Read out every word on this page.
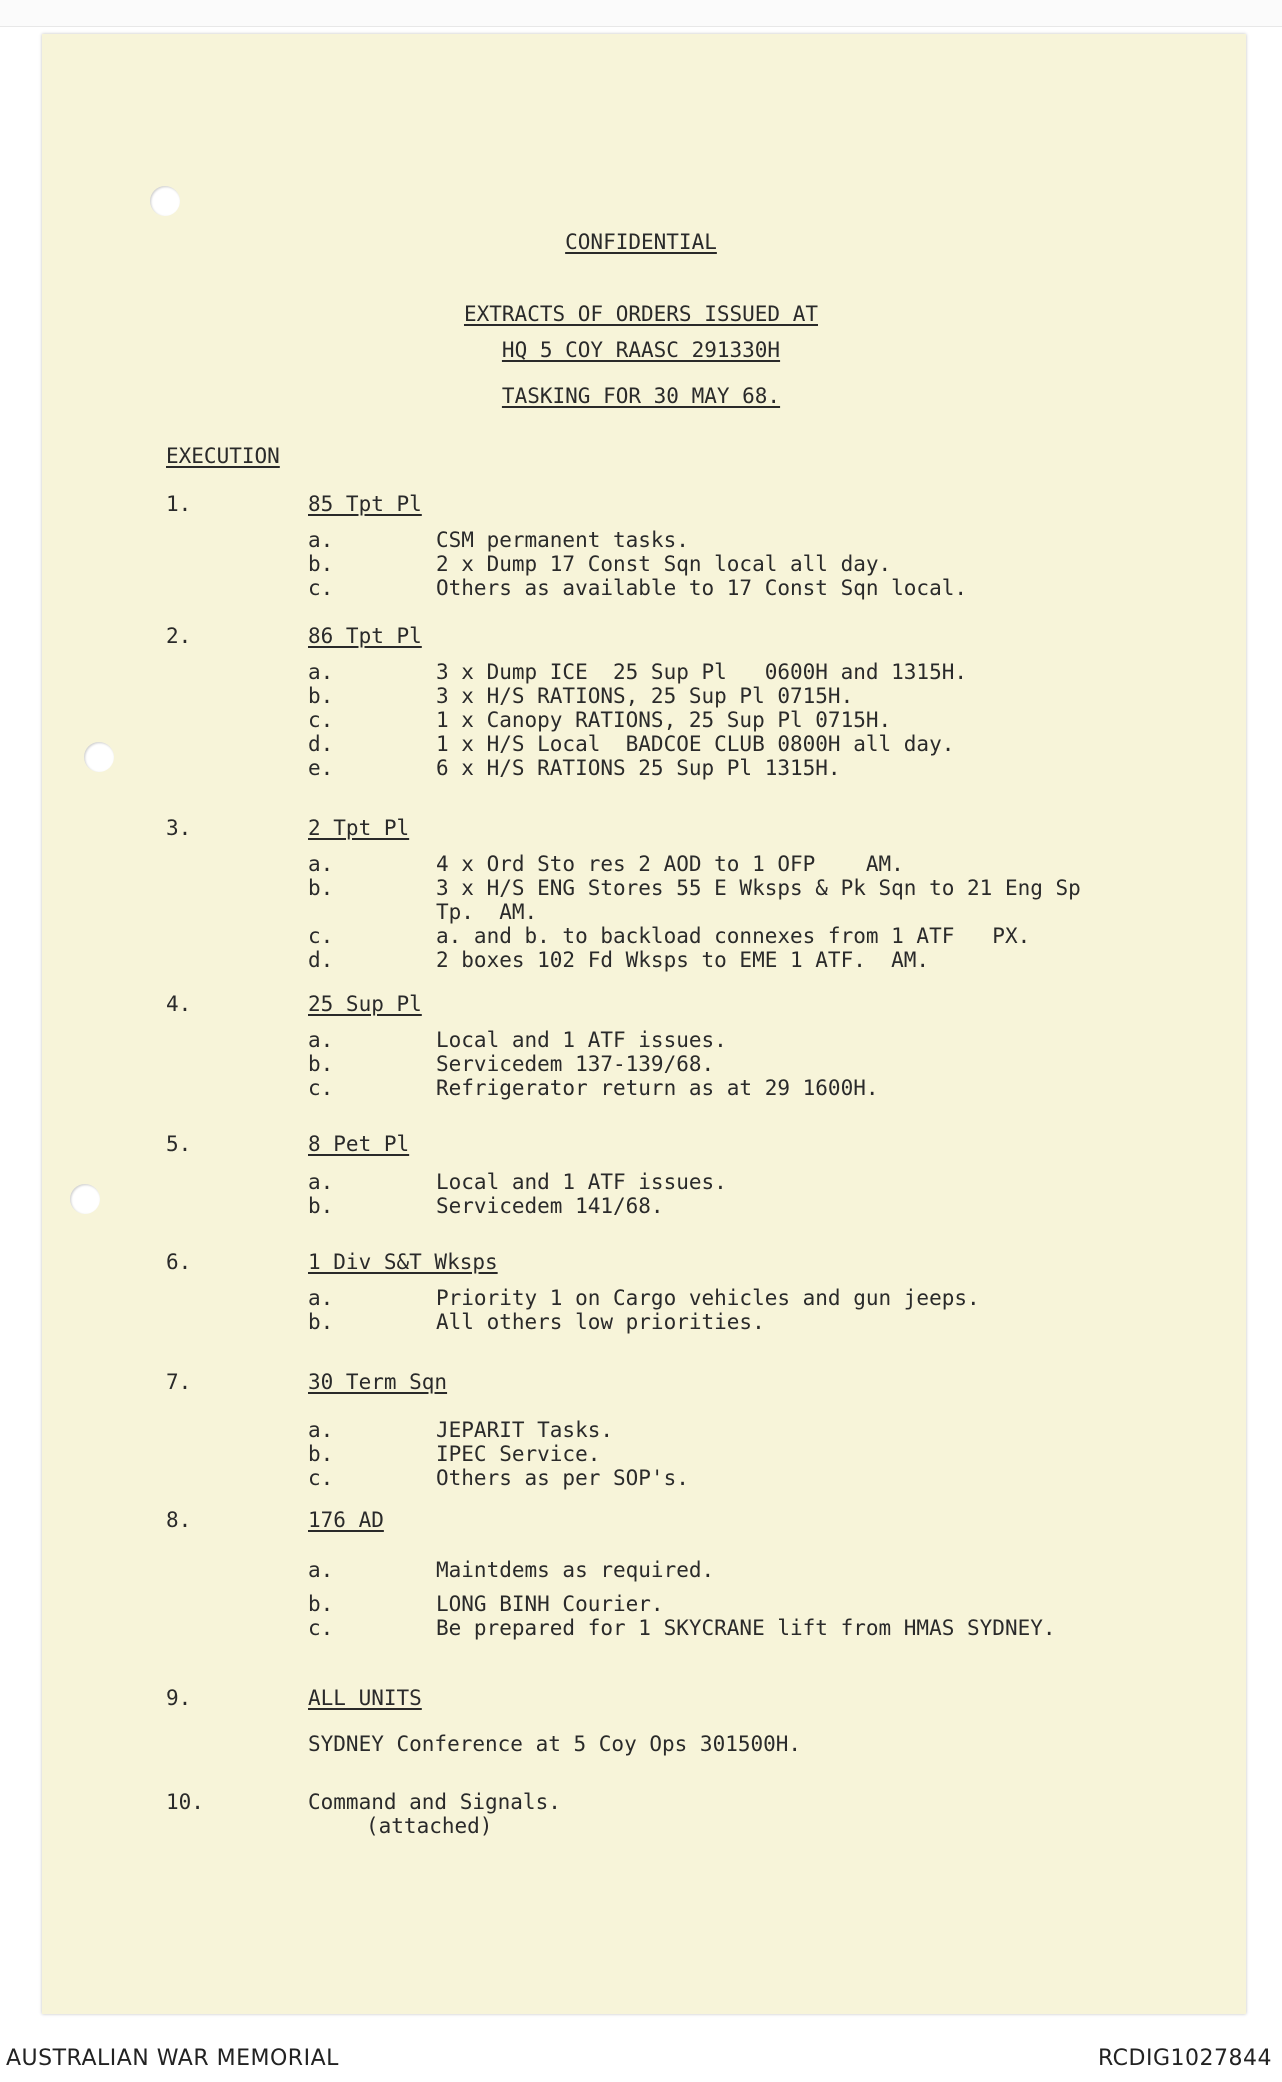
CONFIDENTIAL
EXTRACTS OF ORDERS ISSUED AT
HQ 5 COY RAASC 291330H
TASKING FOR 30 MAY 68.
EXECUTION
1.	85 Tpt Pl
a.	CSM permanent tasks.
b.	2 x Dump 17 Const Sqn local all day.
c.	Others as available to 17 Const Sqn local.
2.	86 Tpt Pl
a.	3 x Dump ICE  25 Sup Pl   0600H and 1315H.
b.	3 x H/S RATIONS, 25 Sup Pl 0715H.
c.	1 x Canopy RATIONS, 25 Sup Pl 0715H.
d.	1 x H/S Local  BADCOE CLUB 0800H all day.
e.	6 x H/S RATIONS 25 Sup Pl 1315H.
3.	2 Tpt Pl
a.	4 x Ord Sto res 2 AOD to 1 OFP    AM.
b.	3 x H/S ENG Stores 55 E Wksps & Pk Sqn to 21 Eng Sp
Tp.  AM.
c.	a. and b. to backload connexes from 1 ATF   PX.
d.	2 boxes 102 Fd Wksps to EME 1 ATF.  AM.
4.	25 Sup Pl
a.	Local and 1 ATF issues.
b.	Servicedem 137-139/68.
c.	Refrigerator return as at 29 1600H.
5.	8 Pet Pl
a.	Local and 1 ATF issues.
b.	Servicedem 141/68.
6.	1 Div S&T Wksps
a.	Priority 1 on Cargo vehicles and gun jeeps.
b.	All others low priorities.
7.	30 Term Sqn
a.	JEPARIT Tasks.
b.	IPEC Service.
c.	Others as per SOP's.
8.	176 AD
a.	Maintdems as required.
b.	LONG BINH Courier.
c.	Be prepared for 1 SKYCRANE lift from HMAS SYDNEY.
9.	ALL UNITS
SYDNEY Conference at 5 Coy Ops 301500H.
10.	Command and Signals.
(attached)
AUSTRALIAN WAR MEMORIAL	RCDIG1027844
